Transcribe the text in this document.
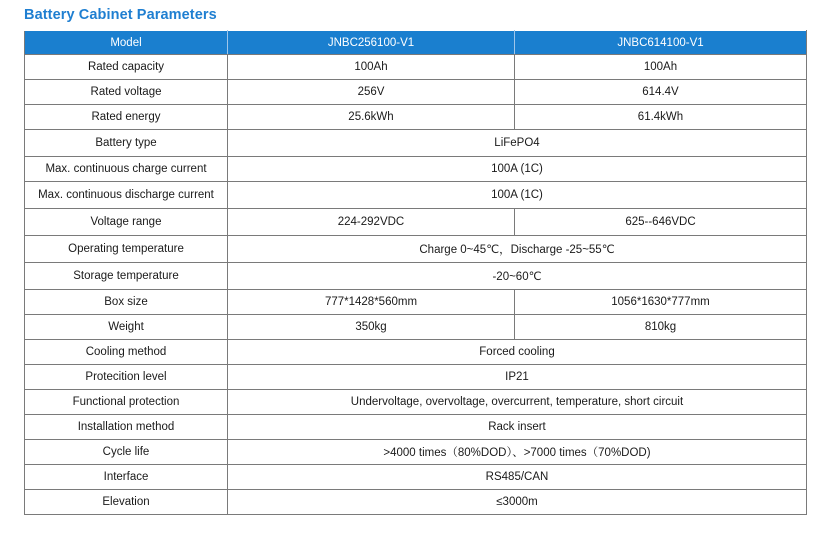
Battery Cabinet Parameters
Model	JNBC256100-V1	JNBC614100-V1
Rated capacity	100Ah	100Ah
Rated voltage	256V	614.4V
Rated energy	25.6kWh	61.4kWh
Battery type	LiFePO4	
Max. continuous charge current	100A (1C)	
Max. continuous discharge current	100A (1C)	
Voltage range	224-292VDC	625--646VDC
Operating temperature	Charge 0~45℃，Discharge -25~55℃	
Storage temperature	-20~60℃	
Box size	777*1428*560mm	1056*1630*777mm
Weight	350kg	810kg
Cooling method	Forced cooling	
Protecition level	IP21	
Functional protection	Undervoltage, overvoltage, overcurrent, temperature, short circuit	
Installation method	Rack insert	
Cycle life	>4000 times（80%DOD）、>7000 times（70%DOD)	
Interface	RS485/CAN	
Elevation	≤3000m	
